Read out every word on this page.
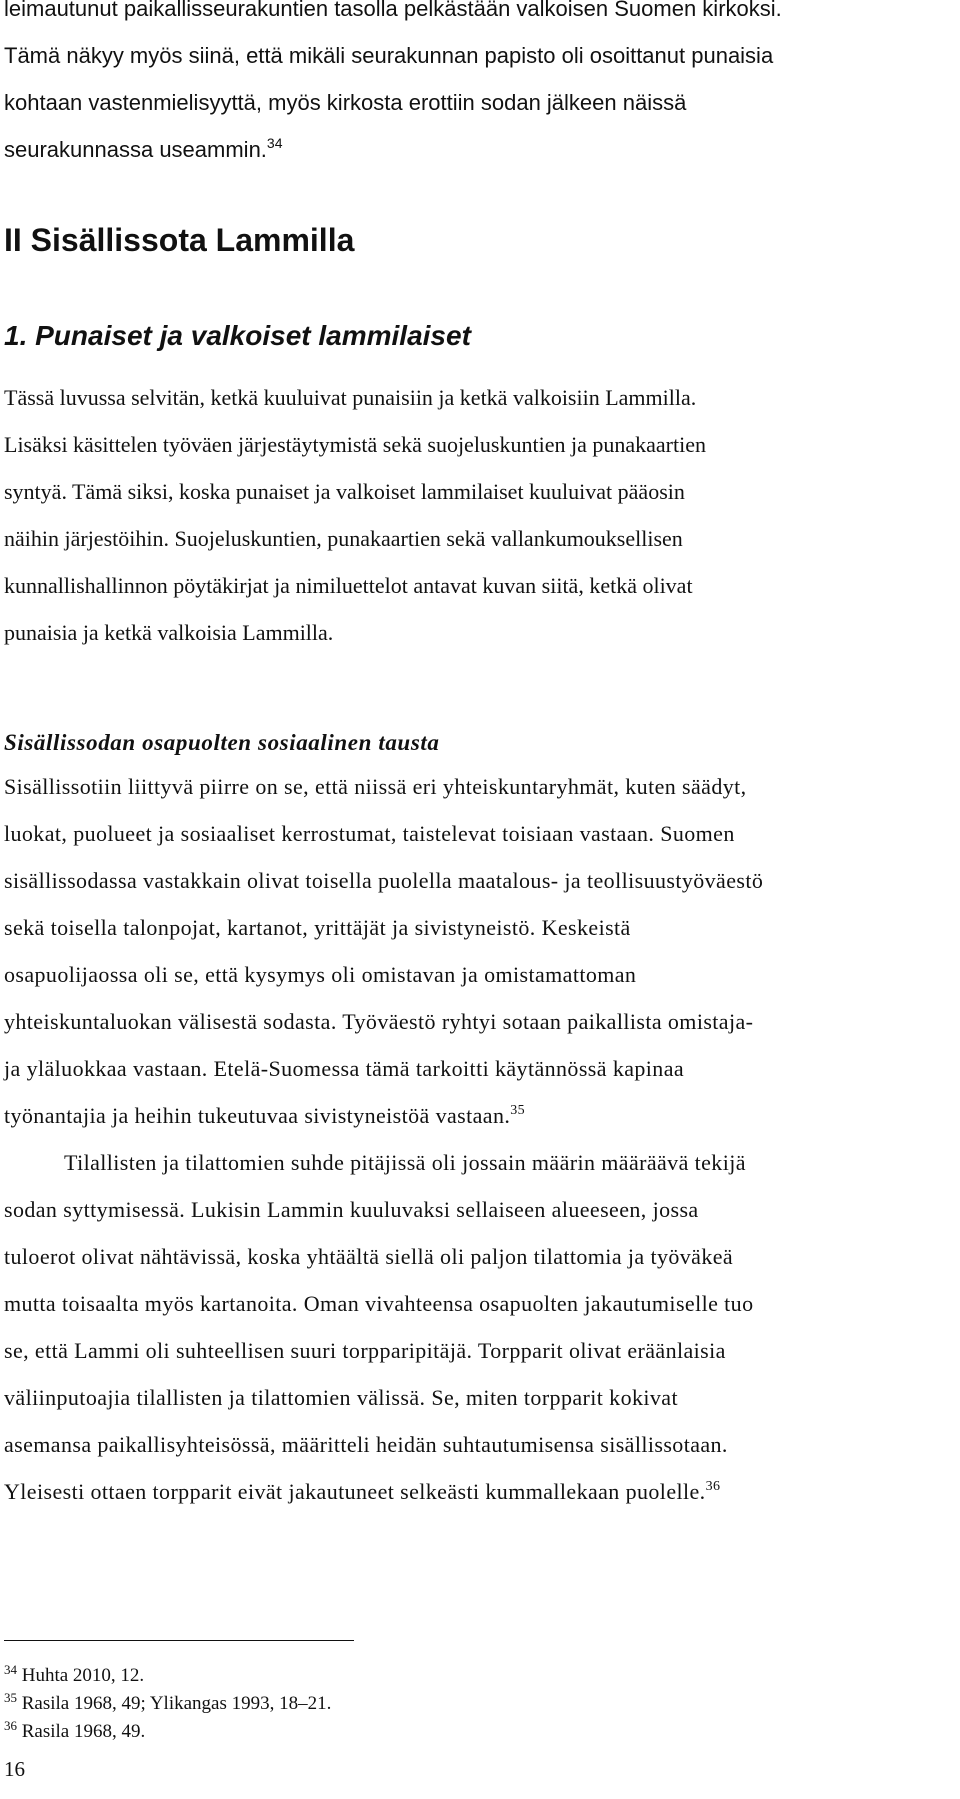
leimautunut paikallisseurakuntien tasolla pelkästään valkoisen Suomen kirkoksi.
Tämä näkyy myös siinä, että mikäli seurakunnan papisto oli osoittanut punaisia
kohtaan vastenmielisyyttä, myös kirkosta erottiin sodan jälkeen näissä
seurakunnassa useammin.$^{34}$

II Sisällissota Lammilla
1. Punaiset ja valkoiset lammilaiset

Tässä luvussa selvitän, ketkä kuuluivat punaisiin ja ketkä valkoisiin Lammilla.
Lisäksi käsittelen työväen järjestäytymistä sekä suojeluskuntien ja punakaartien
syntyä. Tämä siksi, koska punaiset ja valkoiset lammilaiset kuuluivat pääosin
näihin järjestöihin. Suojeluskuntien, punakaartien sekä vallankumouksellisen
kunnallishallinnon pöytäkirjat ja nimiluettelot antavat kuvan siitä, ketkä olivat
punaisia ja ketkä valkoisia Lammilla.

Sisällissodan osapuolten sosiaalinen tausta

Sisällissotiin liittyvä piirre on se, että niissä eri yhteiskuntaryhmät, kuten säädyt,
luokat, puolueet ja sosiaaliset kerrostumat, taistelevat toisiaan vastaan. Suomen
sisällissodassa vastakkain olivat toisella puolella maatalous- ja teollisuustyöväestö
sekä toisella talonpojat, kartanot, yrittäjät ja sivistyneistö. Keskeistä
osapuolijaossa oli se, että kysymys oli omistavan ja omistamattoman
yhteiskuntaluokan välisestä sodasta. Työväestö ryhtyi sotaan paikallista omistaja-
ja yläluokkaa vastaan. Etelä-Suomessa tämä tarkoitti käytännössä kapinaa
työnantajia ja heihin tukeutuvaa sivistyneistöä vastaan.$^{35}$

Tilallisten ja tilattomien suhde pitäjissä oli jossain määrin määräävä tekijä
sodan syttymisessä. Lukisin Lammin kuuluvaksi sellaiseen alueeseen, jossa
tuloerot olivat nähtävissä, koska yhtäältä siellä oli paljon tilattomia ja työväkeä
mutta toisaalta myös kartanoita. Oman vivahteensa osapuolten jakautumiselle tuo
se, että Lammi oli suhteellisen suuri torpparipitäjä. Torpparit olivat eräänlaisia
väliinputoajia tilallisten ja tilattomien välissä. Se, miten torpparit kokivat
asemansa paikallisyhteisössä, määritteli heidän suhtautumisensa sisällissotaan.
Yleisesti ottaen torpparit eivät jakautuneet selkeästi kummallekaan puolelle.$^{36}$

$^{34}$ Huhta 2010, 12.
$^{35}$ Rasila 1968, 49; Ylikangas 1993, 18–21.
$^{36}$ Rasila 1968, 49.
16
